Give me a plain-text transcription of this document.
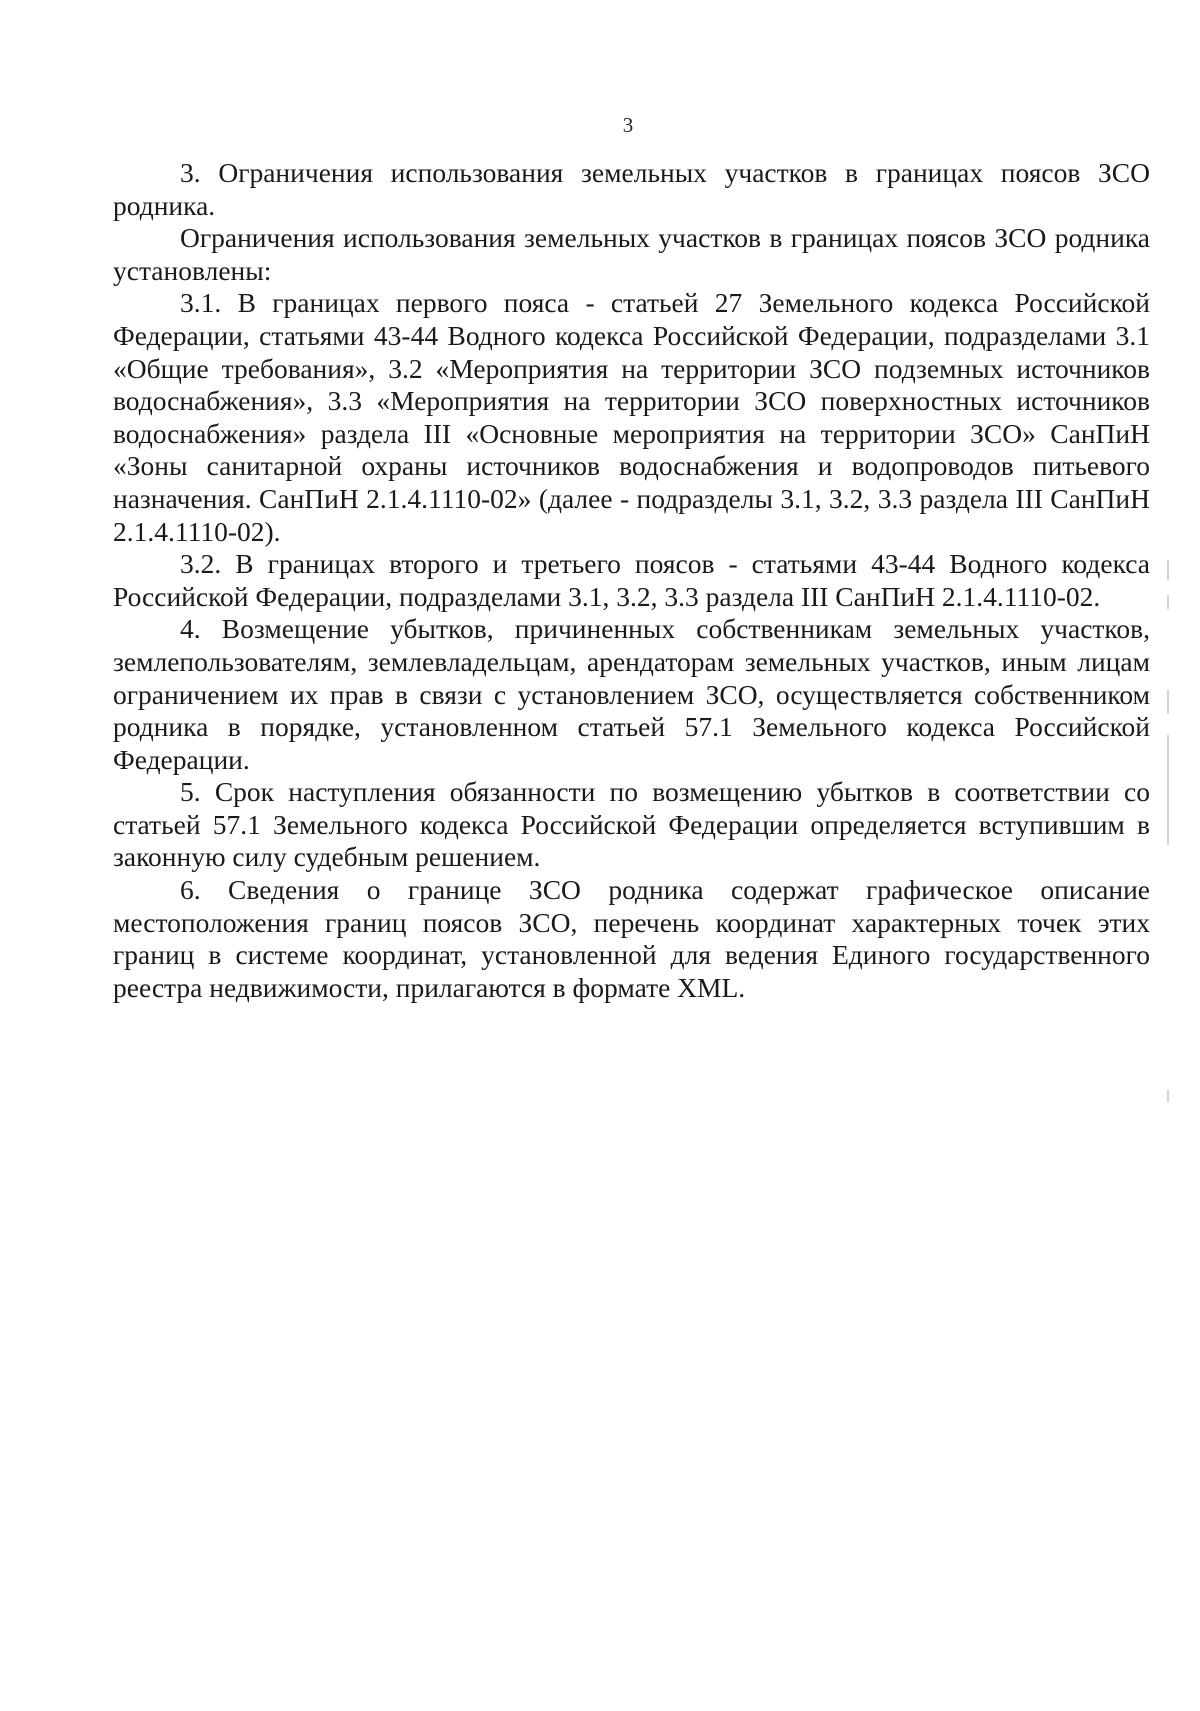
3

3. Ограничения использования земельных участков в границах поясов ЗСО родника.

Ограничения использования земельных участков в границах поясов ЗСО родника установлены:

3.1. В границах первого пояса - статьей 27 Земельного кодекса Российской Федерации, статьями 43-44 Водного кодекса Российской Федерации, подразделами 3.1 «Общие требования», 3.2 «Мероприятия на территории ЗСО подземных источников водоснабжения», 3.3 «Мероприятия на территории ЗСО поверхностных источников водоснабжения» раздела III «Основные мероприятия на территории ЗСО» СанПиН «Зоны санитарной охраны источников водоснабжения и водопроводов питьевого назначения. СанПиН 2.1.4.1110-02» (далее - подразделы 3.1, 3.2, 3.3 раздела III СанПиН 2.1.4.1110-02).

3.2. В границах второго и третьего поясов - статьями 43-44 Водного кодекса Российской Федерации, подразделами 3.1, 3.2, 3.3 раздела III СанПиН 2.1.4.1110-02.

4. Возмещение убытков, причиненных собственникам земельных участков, землепользователям, землевладельцам, арендаторам земельных участков, иным лицам ограничением их прав в связи с установлением ЗСО, осуществляется собственником родника в порядке, установленном статьей 57.1 Земельного кодекса Российской Федерации.

5. Срок наступления обязанности по возмещению убытков в соответствии со статьей 57.1 Земельного кодекса Российской Федерации определяется вступившим в законную силу судебным решением.

6. Сведения о границе ЗСО родника содержат графическое описание местоположения границ поясов ЗСО, перечень координат характерных точек этих границ в системе координат, установленной для ведения Единого государственного реестра недвижимости, прилагаются в формате XML.
